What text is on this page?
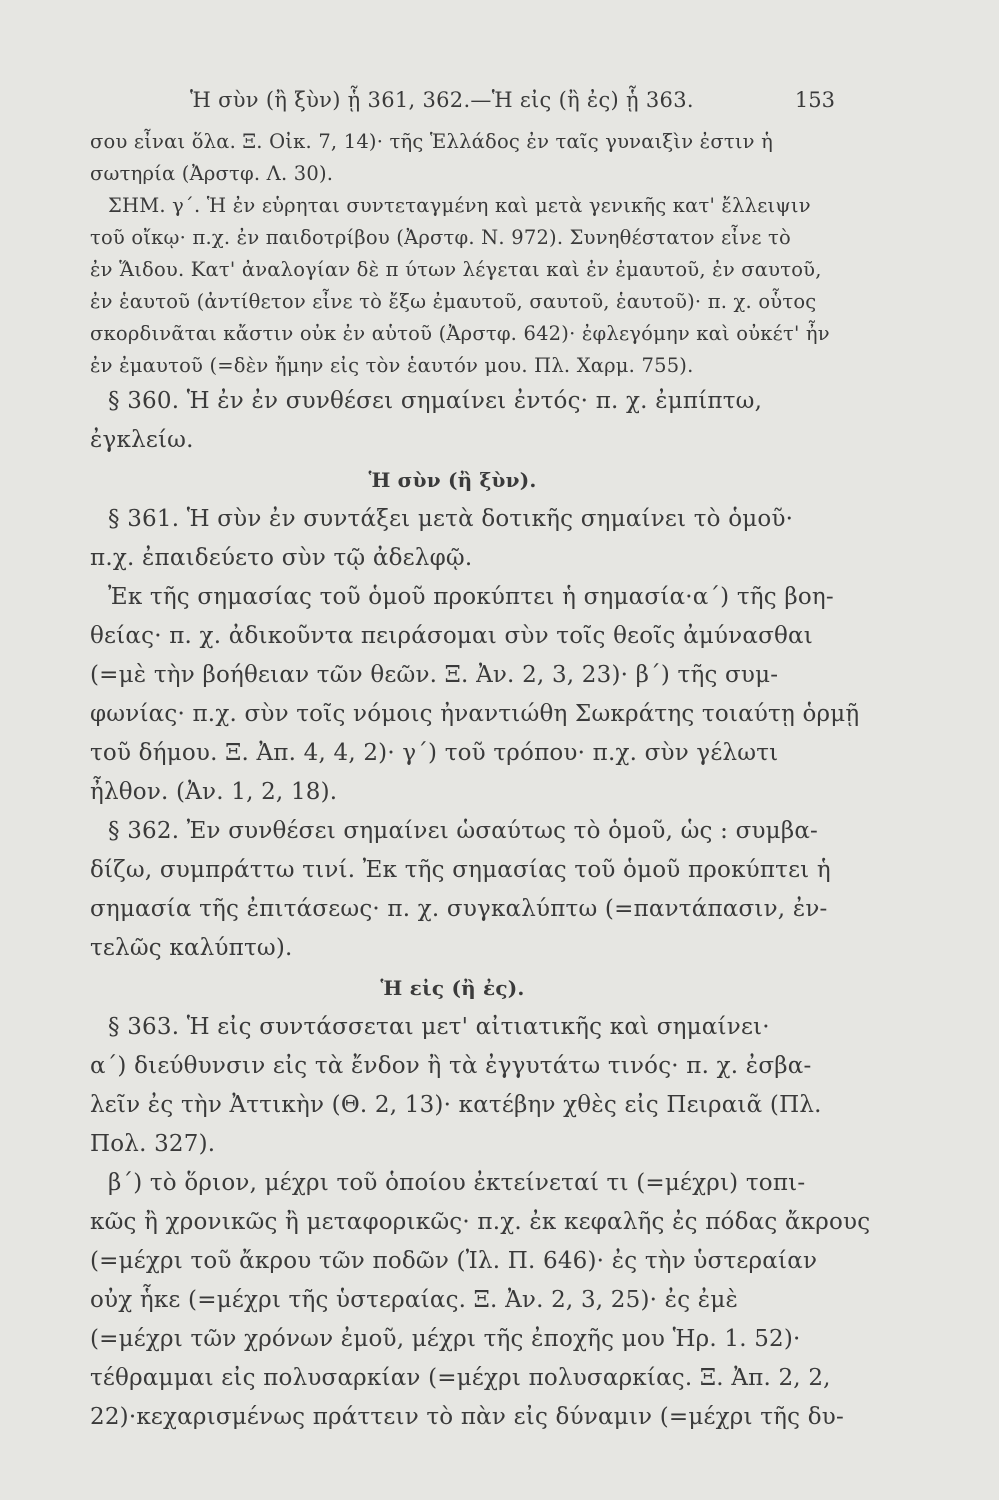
Ἡ σὺν (ἢ ξὺν) ᾗ 361, 362.—Ἡ εἰς (ἢ ἐς) ᾗ 363.	153
σου εἶναι ὅλα. Ξ. Οἰκ. 7, 14)· τῆς Ἑλλάδος ἐν ταῖς γυναιξὶν ἐστιν ἡ
σωτηρία (Ἀρστφ. Λ. 30).
ΣΗΜ. γ΄. Ἡ ἐν εὑρηται συντεταγμένη καὶ μετὰ γενικῆς κατ' ἔλλειψιν
τοῦ οἴκῳ· π.χ. ἐν παιδοτρίβου (Ἀρστφ. Ν. 972). Συνηθέστατον εἶνε τὸ
ἐν Ἅιδου. Κατ' ἀναλογίαν δὲ π ύτων λέγεται καὶ ἐν ἐμαυτοῦ, ἐν σαυτοῦ,
ἐν ἑαυτοῦ (ἀντίθετον εἶνε τὸ ἔξω ἐμαυτοῦ, σαυτοῦ, ἑαυτοῦ)· π. χ. οὗτος
σκορδινᾶται κἄστιν οὐκ ἐν αὑτοῦ (Ἀρστφ. 642)· ἐφλεγόμην καὶ οὐκέτ' ἦν
ἐν ἐμαυτοῦ (=δὲν ἤμην εἰς τὸν ἑαυτόν μου. Πλ. Χαρμ. 755).
§ 360. Ἡ ἐν ἐν συνθέσει σημαίνει ἐντός· π. χ. ἐμπίπτω,
ἐγκλείω.
Ἡ σὺν (ἢ ξὺν).
§ 361. Ἡ σὺν ἐν συντάξει μετὰ δοτικῆς σημαίνει τὸ ὁμοῦ·
π.χ. ἐπαιδεύετο σὺν τῷ ἀδελφῷ.
Ἐκ τῆς σημασίας τοῦ ὁμοῦ προκύπτει ἡ σημασία·α΄) τῆς βοη-
θείας· π. χ. ἀδικοῦντα πειράσομαι σὺν τοῖς θεοῖς ἀμύνασθαι
(=μὲ τὴν βοήθειαν τῶν θεῶν. Ξ. Ἀν. 2, 3, 23)· β΄) τῆς συμ-
φωνίας· π.χ. σὺν τοῖς νόμοις ἠναντιώθη Σωκράτης τοιαύτῃ ὁρμῇ
τοῦ δήμου. Ξ. Ἀπ. 4, 4, 2)· γ΄) τοῦ τρόπου· π.χ. σὺν γέλωτι
ἦλθον. (Ἀν. 1, 2, 18).
§ 362. Ἐν συνθέσει σημαίνει ὡσαύτως τὸ ὁμοῦ, ὡς : συμβα-
δίζω, συμπράττω τινί. Ἐκ τῆς σημασίας τοῦ ὁμοῦ προκύπτει ἡ
σημασία τῆς ἐπιτάσεως· π. χ. συγκαλύπτω (=παντάπασιν, ἐν-
τελῶς καλύπτω).
Ἡ εἰς (ἢ ἐς).
§ 363. Ἡ εἰς συντάσσεται μετ' αἰτιατικῆς καὶ σημαίνει·
α΄) διεύθυνσιν εἰς τὰ ἔνδον ἢ τὰ ἐγγυτάτω τινός· π. χ. ἐσβα-
λεῖν ἐς τὴν Ἀττικὴν (Θ. 2, 13)· κατέβην χθὲς εἰς Πειραιᾶ (Πλ.
Πολ. 327).
β΄) τὸ ὅριον, μέχρι τοῦ ὁποίου ἐκτείνεταί τι (=μέχρι) τοπι-
κῶς ἢ χρονικῶς ἢ μεταφορικῶς· π.χ. ἐκ κεφαλῆς ἐς πόδας ἄκρους
(=μέχρι τοῦ ἄκρου τῶν ποδῶν (Ἰλ. Π. 646)· ἐς τὴν ὑστεραίαν
οὐχ ἧκε (=μέχρι τῆς ὑστεραίας. Ξ. Ἀν. 2, 3, 25)· ἐς ἐμὲ
(=μέχρι τῶν χρόνων ἐμοῦ, μέχρι τῆς ἐποχῆς μου Ἡρ. 1. 52)·
τέθραμμαι εἰς πολυσαρκίαν (=μέχρι πολυσαρκίας. Ξ. Ἀπ. 2, 2,
22)·κεχαρισμένως πράττειν τὸ πὰν εἰς δύναμιν (=μέχρι τῆς δυ-
